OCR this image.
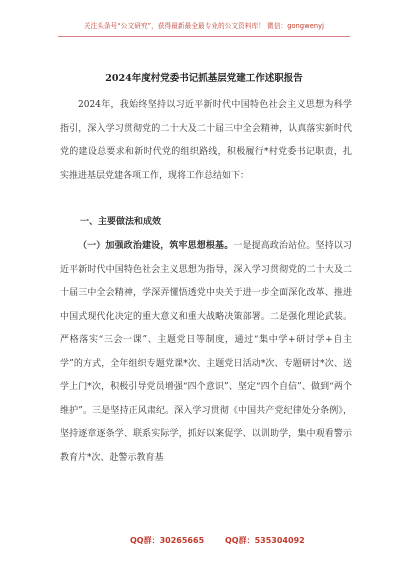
关注头条号“公文研究”，获得最新最全最专业的公文资料库！ 微信：gongwenyj
2024年度村党委书记抓基层党建工作述职报告
2024年，我始终坚持以习近平新时代中国特色社会主义思想为科学指引，深入学习贯彻党的二十大及二十届三中全会精神，认真落实新时代党的建设总要求和新时代党的组织路线，积极履行*村党委书记职责，扎实推进基层党建各项工作，现将工作总结如下：
一、主要做法和成效
（一）加强政治建设，筑牢思想根基。一是提高政治站位。坚持以习近平新时代中国特色社会主义思想为指导，深入学习贯彻党的二十大及二十届三中全会精神，学深弄懂悟透党中央关于进一步全面深化改革、推进中国式现代化决定的重大意义和重大战略决策部署。二是强化理论武装。严格落实“三会一课”、主题党日等制度，通过“集中学+研讨学+自主学”的方式，全年组织专题党课*次、主题党日活动*次、专题研讨*次、送学上门*次，积极引导党员增强“四个意识”、坚定“四个自信”、做到“两个维护”。三是坚持正风肃纪。深入学习贯彻《中国共产党纪律处分条例》，坚持逐章逐条学、联系实际学，抓好以案促学、以训助学，集中观看警示教育片*次、赴警示教育基
QQ群：30265665	QQ群：535304092
